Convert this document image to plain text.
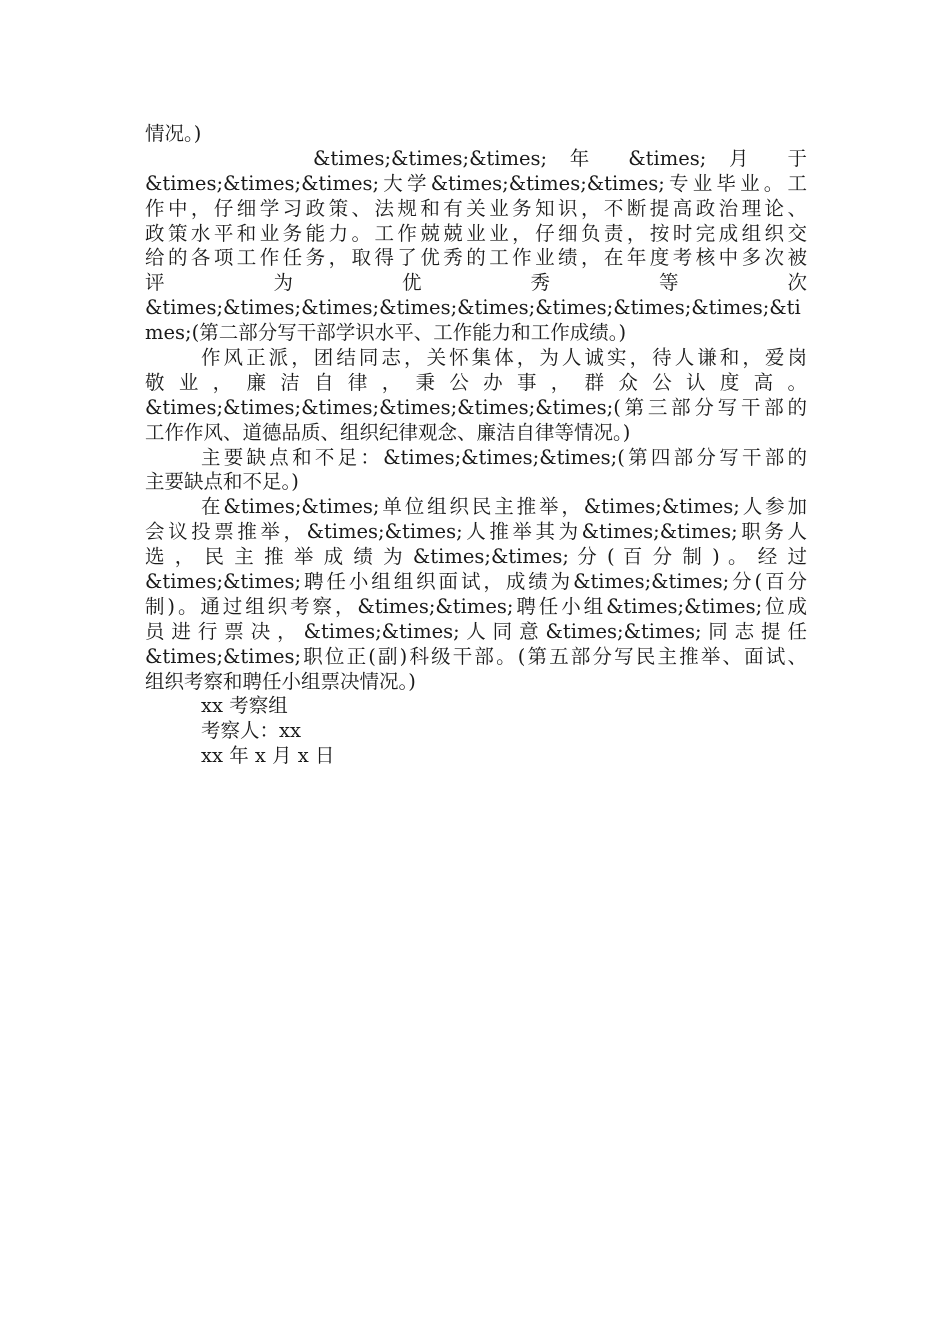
情况。)
&times;&times;&times; 年 &times; 月 于
&times;&times;&times;大学&times;&times;&times;专业毕业。工
作中，仔细学习政策、法规和有关业务知识，不断提高政治理论、
政策水平和业务能力。工作兢兢业业，仔细负责，按时完成组织交
给的各项工作任务，取得了优秀的工作业绩，在年度考核中多次被
评 为 优 秀 等 次
&times;&times;&times;&times;&times;&times;&times;&times;&ti
mes;(第二部分写干部学识水平、工作能力和工作成绩。)
作风正派，团结同志，关怀集体，为人诚实，待人谦和，爱岗
敬 业 ， 廉 洁 自 律 ， 秉 公 办 事 ， 群 众 公 认 度 高 。
&times;&times;&times;&times;&times;&times;(第三部分写干部的
工作作风、道德品质、组织纪律观念、廉洁自律等情况。)
主要缺点和不足：&times;&times;&times;(第四部分写干部的
主要缺点和不足。)
在&times;&times;单位组织民主推举，&times;&times;人参加
会议投票推举，&times;&times;人推举其为&times;&times;职务人
选 ， 民 主 推 举 成 绩 为 &times;&times; 分 ( 百 分 制 ) 。 经 过
&times;&times;聘任小组组织面试，成绩为&times;&times;分(百分
制)。通过组织考察，&times;&times;聘任小组&times;&times;位成
员 进 行 票 决 ， &times;&times; 人 同 意 &times;&times; 同 志 提 任
&times;&times;职位正(副)科级干部。(第五部分写民主推举、面试、
组织考察和聘任小组票决情况。)
xx 考察组
考察人：xx
xx 年 x 月 x 日
